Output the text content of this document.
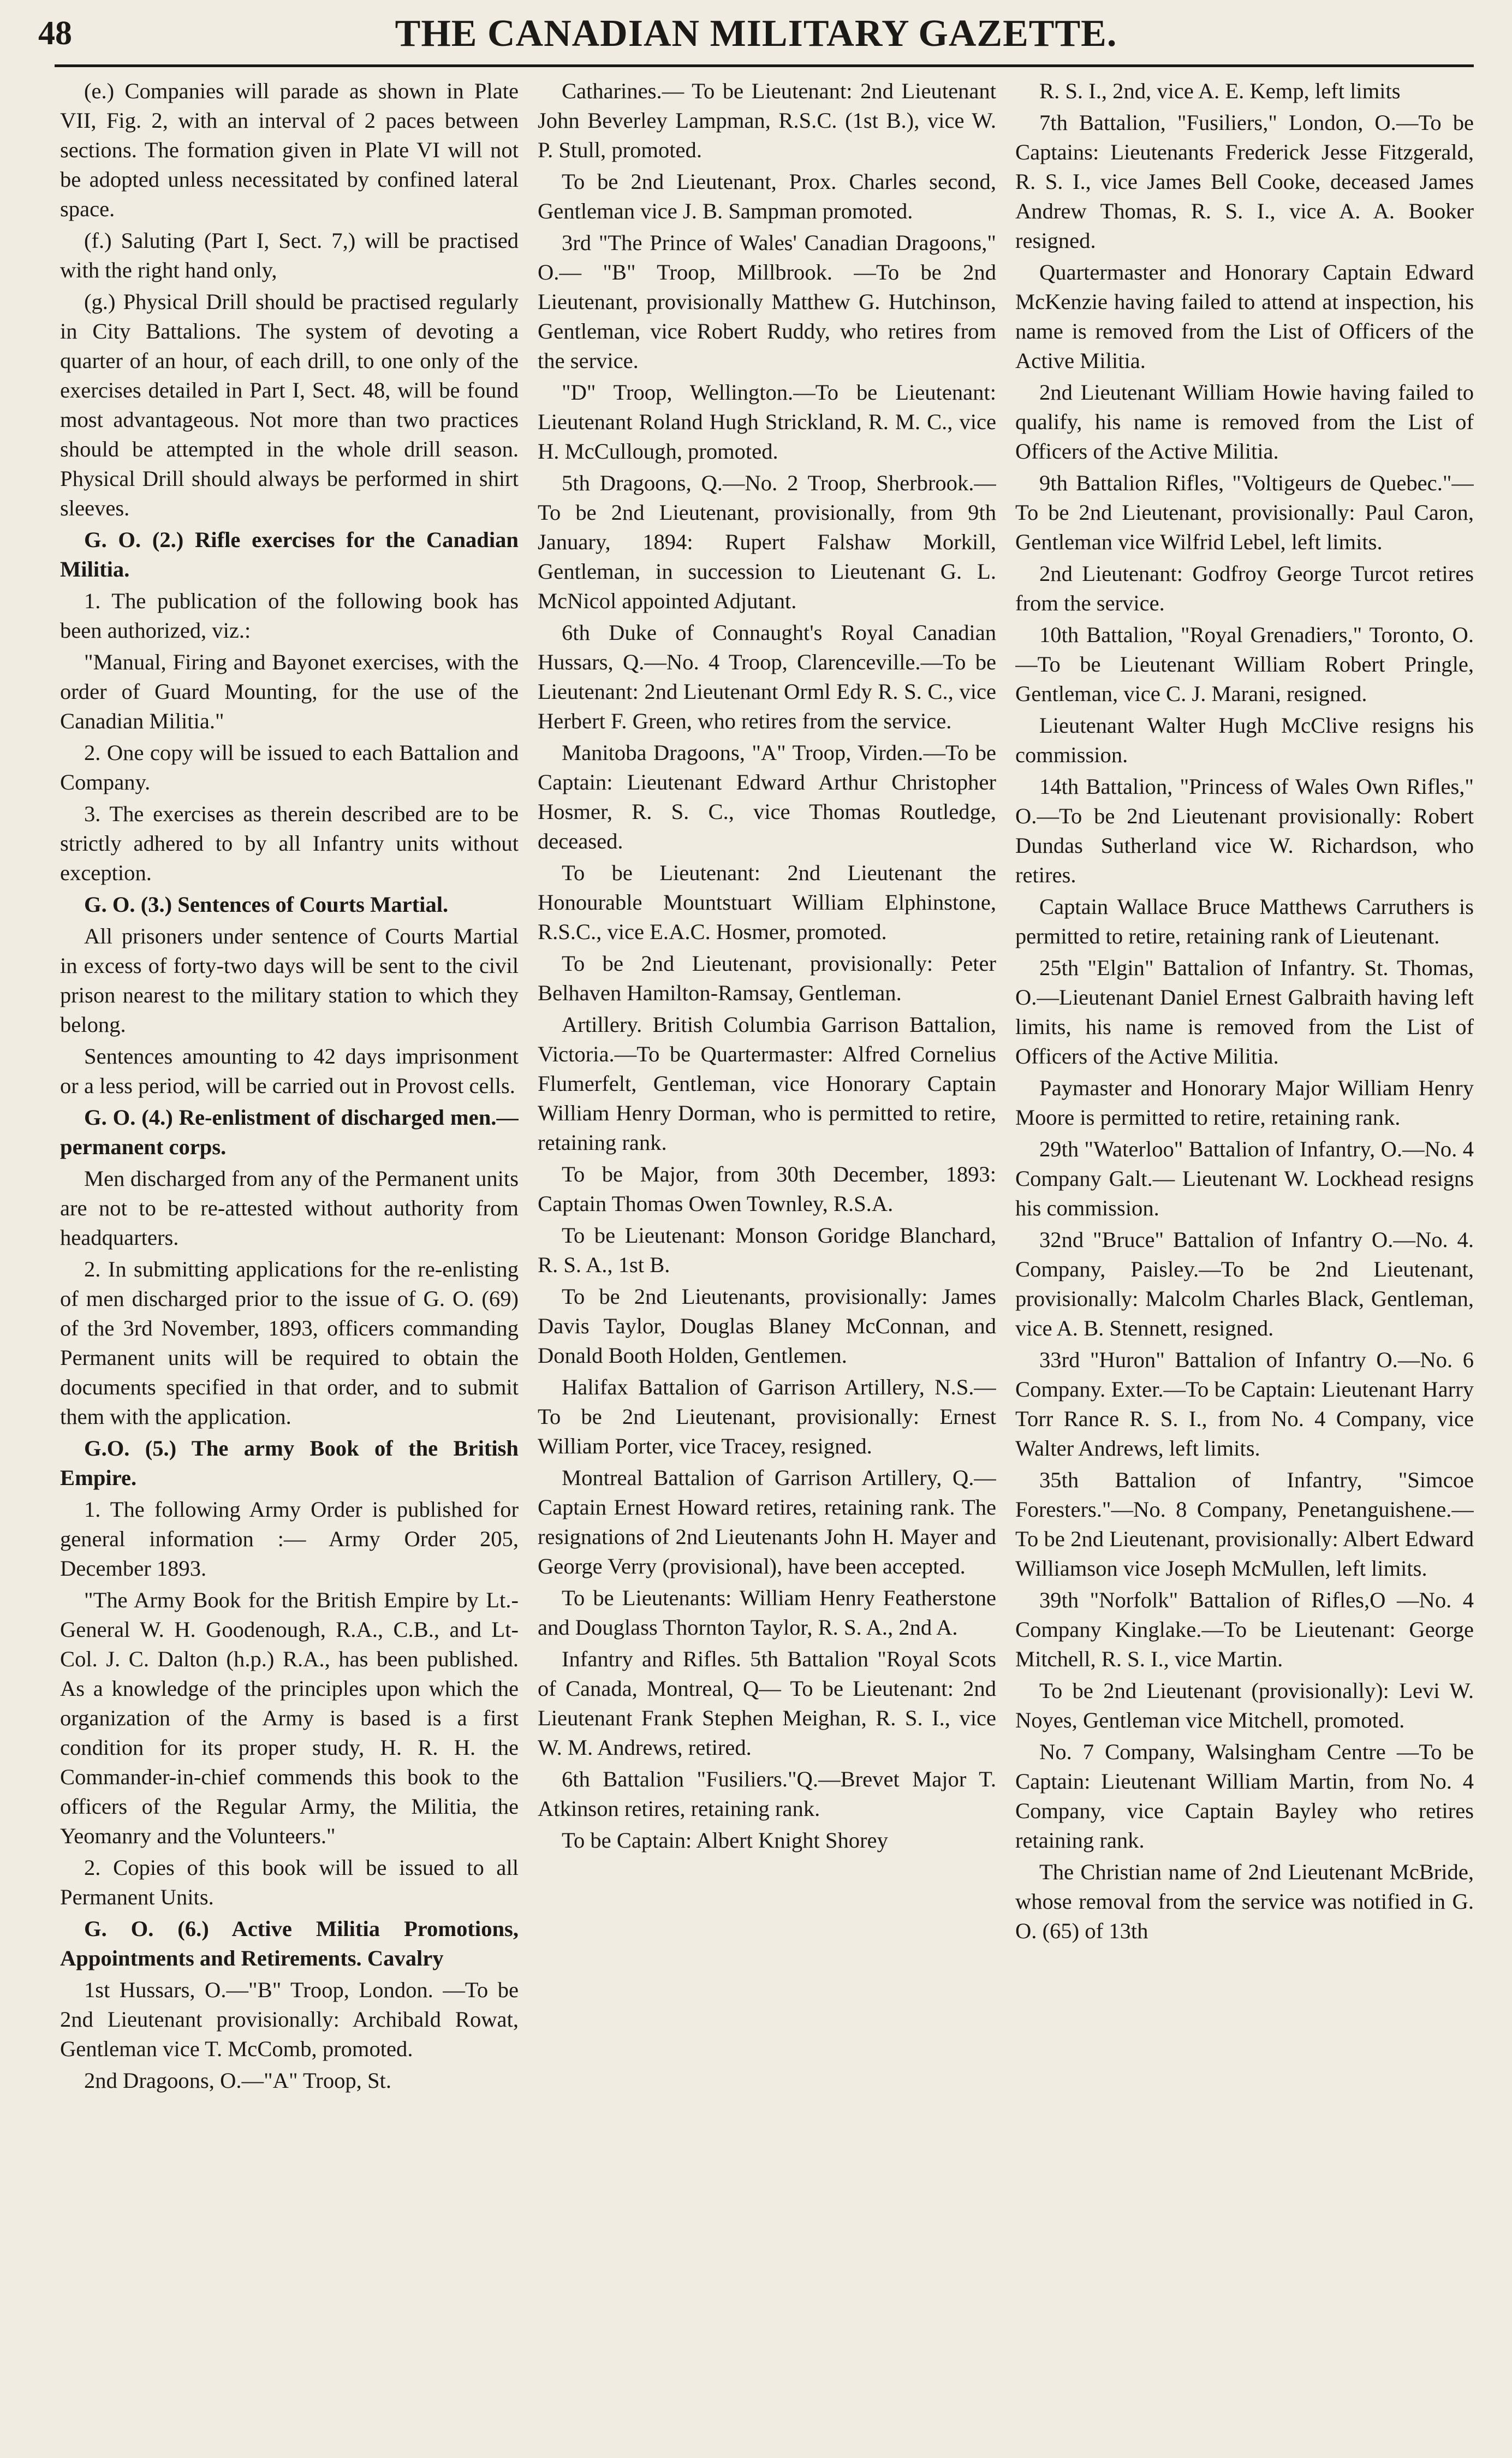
48	THE CANADIAN MILITARY GAZETTE.

(e.) Companies will parade as shown in Plate VII, Fig. 2, with an interval of 2 paces between sections. The formation given in Plate VI will not be adopted unless necessitated by confined lateral space.

(f.) Saluting (Part I, Sect. 7,) will be practised with the right hand only,

(g.) Physical Drill should be practised regularly in City Battalions. The system of devoting a quarter of an hour, of each drill, to one only of the exercises detailed in Part I, Sect. 48, will be found most advantageous. Not more than two practices should be attempted in the whole drill season. Physical Drill should always be performed in shirt sleeves.

G. O. (2.) Rifle exercises for the Canadian Militia.

1. The publication of the following book has been authorized, viz.:

"Manual, Firing and Bayonet exercises, with the order of Guard Mounting, for the use of the Canadian Militia."

2. One copy will be issued to each Battalion and Company.

3. The exercises as therein described are to be strictly adhered to by all Infantry units without exception.

G. O. (3.) Sentences of Courts Martial.

All prisoners under sentence of Courts Martial in excess of forty-two days will be sent to the civil prison nearest to the military station to which they belong.

Sentences amounting to 42 days imprisonment or a less period, will be carried out in Provost cells.

G. O. (4.) Re-enlistment of discharged men.—permanent corps.

Men discharged from any of the Permanent units are not to be re-attested without authority from headquarters.

2. In submitting applications for the re-enlisting of men discharged prior to the issue of G. O. (69) of the 3rd November, 1893, officers commanding Permanent units will be required to obtain the documents specified in that order, and to submit them with the application.

G.O. (5.) The army Book of the British Empire.

1. The following Army Order is published for general information :— Army Order 205, December 1893.

"The Army Book for the British Empire by Lt.-General W. H. Goodenough, R.A., C.B., and Lt-Col. J. C. Dalton (h.p.) R.A., has been published. As a knowledge of the principles upon which the organization of the Army is based is a first condition for its proper study, H. R. H. the Commander-in-chief commends this book to the officers of the Regular Army, the Militia, the Yeomanry and the Volunteers."

2. Copies of this book will be issued to all Permanent Units.

G. O. (6.) Active Militia Promotions, Appointments and Retirements. Cavalry

1st Hussars, O.—"B" Troop, London. —To be 2nd Lieutenant provisionally: Archibald Rowat, Gentleman vice T. McComb, promoted.

2nd Dragoons, O.—"A" Troop, St.

Catharines.— To be Lieutenant: 2nd Lieutenant John Beverley Lampman, R.S.C. (1st B.), vice W. P. Stull, promoted.

To be 2nd Lieutenant, Prox. Charles second, Gentleman vice J. B. Sampman promoted.

3rd "The Prince of Wales' Canadian Dragoons," O.— "B" Troop, Millbrook. —To be 2nd Lieutenant, provisionally Matthew G. Hutchinson, Gentleman, vice Robert Ruddy, who retires from the service.

"D" Troop, Wellington.—To be Lieutenant: Lieutenant Roland Hugh Strickland, R. M. C., vice H. McCullough, promoted.

5th Dragoons, Q.—No. 2 Troop, Sherbrook.—To be 2nd Lieutenant, provisionally, from 9th January, 1894: Rupert Falshaw Morkill, Gentleman, in succession to Lieutenant G. L. McNicol appointed Adjutant.

6th Duke of Connaught's Royal Canadian Hussars, Q.—No. 4 Troop, Clarenceville.—To be Lieutenant: 2nd Lieutenant Orml Edy R. S. C., vice Herbert F. Green, who retires from the service.

Manitoba Dragoons, "A" Troop, Virden.—To be Captain: Lieutenant Edward Arthur Christopher Hosmer, R. S. C., vice Thomas Routledge, deceased.

To be Lieutenant: 2nd Lieutenant the Honourable Mountstuart William Elphinstone, R.S.C., vice E.A.C. Hosmer, promoted.

To be 2nd Lieutenant, provisionally: Peter Belhaven Hamilton-Ramsay, Gentleman.

Artillery. British Columbia Garrison Battalion, Victoria.—To be Quartermaster: Alfred Cornelius Flumerfelt, Gentleman, vice Honorary Captain William Henry Dorman, who is permitted to retire, retaining rank.

To be Major, from 30th December, 1893: Captain Thomas Owen Townley, R.S.A.

To be Lieutenant: Monson Goridge Blanchard, R. S. A., 1st B.

To be 2nd Lieutenants, provisionally: James Davis Taylor, Douglas Blaney McConnan, and Donald Booth Holden, Gentlemen.

Halifax Battalion of Garrison Artillery, N.S.—To be 2nd Lieutenant, provisionally: Ernest William Porter, vice Tracey, resigned.

Montreal Battalion of Garrison Artillery, Q.—Captain Ernest Howard retires, retaining rank. The resignations of 2nd Lieutenants John H. Mayer and George Verry (provisional), have been accepted.

To be Lieutenants: William Henry Featherstone and Douglass Thornton Taylor, R. S. A., 2nd A.

Infantry and Rifles. 5th Battalion "Royal Scots of Canada, Montreal, Q— To be Lieutenant: 2nd Lieutenant Frank Stephen Meighan, R. S. I., vice W. M. Andrews, retired.

6th Battalion "Fusiliers."Q.—Brevet Major T. Atkinson retires, retaining rank.

To be Captain: Albert Knight Shorey

R. S. I., 2nd, vice A. E. Kemp, left limits

7th Battalion, "Fusiliers," London, O.—To be Captains: Lieutenants Frederick Jesse Fitzgerald, R. S. I., vice James Bell Cooke, deceased James Andrew Thomas, R. S. I., vice A. A. Booker resigned.

Quartermaster and Honorary Captain Edward McKenzie having failed to attend at inspection, his name is removed from the List of Officers of the Active Militia.

2nd Lieutenant William Howie having failed to qualify, his name is removed from the List of Officers of the Active Militia.

9th Battalion Rifles, "Voltigeurs de Quebec."—To be 2nd Lieutenant, provisionally: Paul Caron, Gentleman vice Wilfrid Lebel, left limits.

2nd Lieutenant: Godfroy George Turcot retires from the service.

10th Battalion, "Royal Grenadiers," Toronto, O.—To be Lieutenant William Robert Pringle, Gentleman, vice C. J. Marani, resigned.

Lieutenant Walter Hugh McClive resigns his commission.

14th Battalion, "Princess of Wales Own Rifles," O.—To be 2nd Lieutenant provisionally: Robert Dundas Sutherland vice W. Richardson, who retires.

Captain Wallace Bruce Matthews Carruthers is permitted to retire, retaining rank of Lieutenant.

25th "Elgin" Battalion of Infantry. St. Thomas, O.—Lieutenant Daniel Ernest Galbraith having left limits, his name is removed from the List of Officers of the Active Militia.

Paymaster and Honorary Major William Henry Moore is permitted to retire, retaining rank.

29th "Waterloo" Battalion of Infantry, O.—No. 4 Company Galt.— Lieutenant W. Lockhead resigns his commission.

32nd "Bruce" Battalion of Infantry O.—No. 4. Company, Paisley.—To be 2nd Lieutenant, provisionally: Malcolm Charles Black, Gentleman, vice A. B. Stennett, resigned.

33rd "Huron" Battalion of Infantry O.—No. 6 Company. Exter.—To be Captain: Lieutenant Harry Torr Rance R. S. I., from No. 4 Company, vice Walter Andrews, left limits.

35th Battalion of Infantry, "Simcoe Foresters."—No. 8 Company, Penetanguishene.—To be 2nd Lieutenant, provisionally: Albert Edward Williamson vice Joseph McMullen, left limits.

39th "Norfolk" Battalion of Rifles,O —No. 4 Company Kinglake.—To be Lieutenant: George Mitchell, R. S. I., vice Martin.

To be 2nd Lieutenant (provisionally): Levi W. Noyes, Gentleman vice Mitchell, promoted.

No. 7 Company, Walsingham Centre —To be Captain: Lieutenant William Martin, from No. 4 Company, vice Captain Bayley who retires retaining rank.

The Christian name of 2nd Lieutenant McBride, whose removal from the service was notified in G. O. (65) of 13th
